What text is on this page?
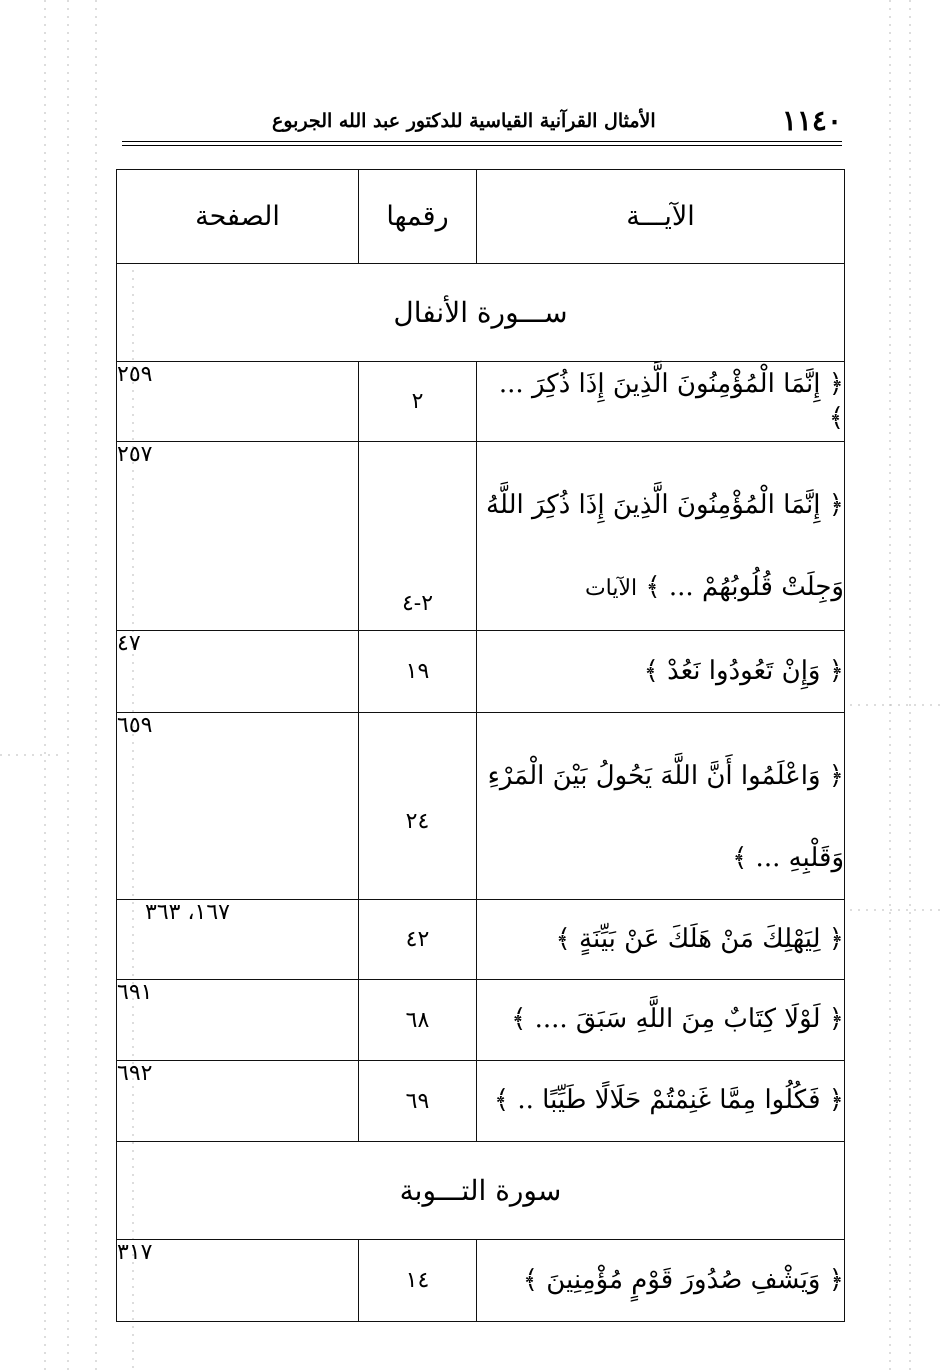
١١٤٠
الأمثال القرآنية القياسية للدكتور عبد الله الجربوع
الآيـــة	رقمها	الصفحة
ســـورة الأنفال		
﴿ إِنَّمَا الْمُؤْمِنُونَ الَّذِينَ إِذَا ذُكِرَ ... ﴾	٢	٢٥٩

﴿ إِنَّمَا الْمُؤْمِنُونَ الَّذِينَ إِذَا ذُكِرَ اللَّهُ
وَجِلَتْ قُلُوبُهُمْ ... ﴾ الآيات	٢-٤	٢٥٧
﴿ وَإِنْ تَعُودُوا نَعُدْ ﴾	١٩	٤٧

﴿ وَاعْلَمُوا أَنَّ اللَّهَ يَحُولُ بَيْنَ الْمَرْءِ
وَقَلْبِهِ ... ﴾	٢٤	٦٥٩
﴿ لِيَهْلِكَ مَنْ هَلَكَ عَنْ بَيِّنَةٍ ﴾	٤٢	١٦٧، ٣٦٣
﴿ لَوْلَا كِتَابٌ مِنَ اللَّهِ سَبَقَ .... ﴾	٦٨	٦٩١
﴿ فَكُلُوا مِمَّا غَنِمْتُمْ حَلَالًا طَيِّبًا .. ﴾	٦٩	٦٩٢
سورة التـــوبة		
﴿ وَيَشْفِ صُدُورَ قَوْمٍ مُؤْمِنِينَ ﴾	١٤	٣١٧
